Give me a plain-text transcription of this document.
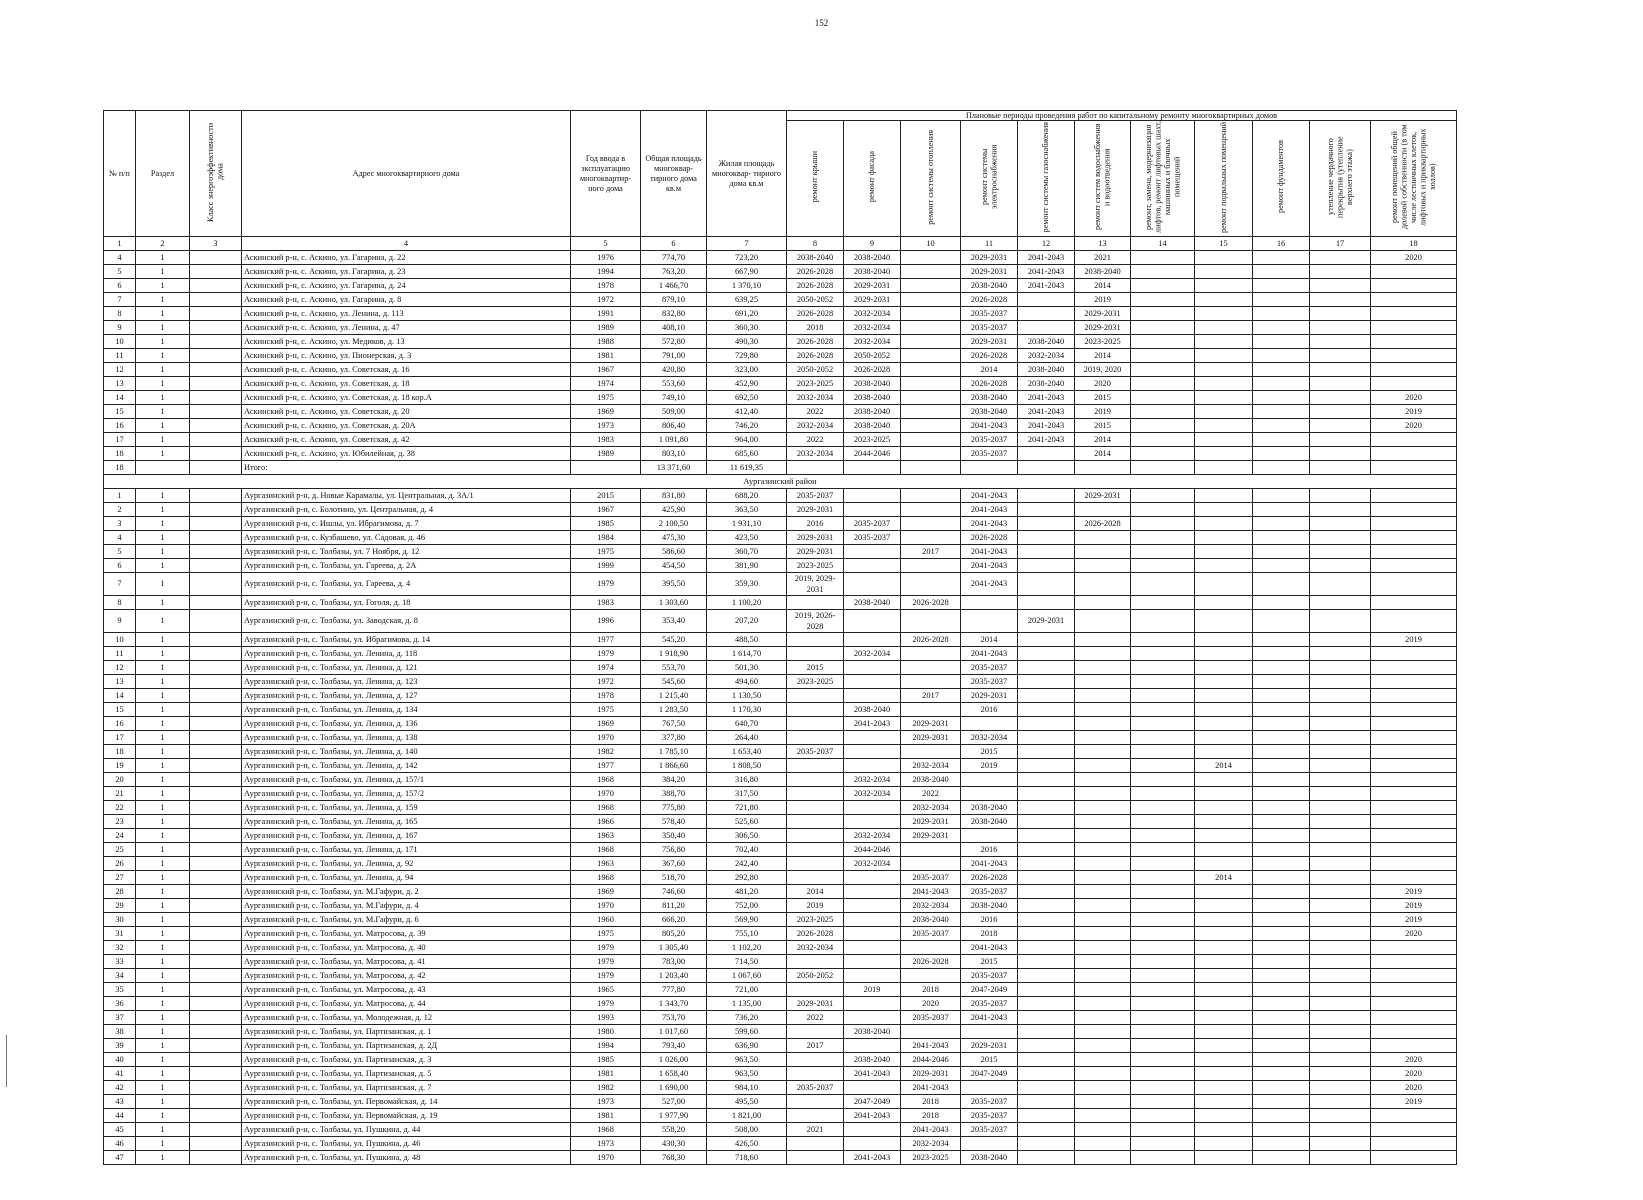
152
№ п/п	Раздел	Класс энергоэффективности дома	Адрес многоквартирного дома	Год ввода в эксплуатацию многоквартир- ного дома	Общая площадь многоквар- тирного дома кв.м	Жилая площадь многоквар- тирного дома кв.м	Плановые периоды проведения работ по капитальному ремонту многоквартирных домов										
							ремонт крыши	ремонт фасада	ремонт системы отопления	ремонт системы электроснабжения	ремонт системы газоснабжения	ремонт систем водоснабжения и водоотведения	ремонт, замена, модернизация лифтов, ремонт лифтовых шахт, машинных и блочных помещений	ремонт подвальных помещений	ремонт фундаментов	утепление чердачного перекрытия (утепление верхнего этажа)	ремонт помещений общей долевой собственности (в том числе лестничных клеток, лифтовых и приквартирных холлов)
1	2	3	4	5	6	7	8	9	10	11	12	13	14	15	16	17	18
4	1		Аскинский р-н, с. Аскино, ул. Гагарина, д. 22	1976	774,70	723,20	2038-2040	2038-2040		2029-2031	2041-2043	2021					2020
5	1		Аскинский р-н, с. Аскино, ул. Гагарина, д. 23	1994	763,20	667,90	2026-2028	2038-2040		2029-2031	2041-2043	2038-2040					
6	1		Аскинский р-н, с. Аскино, ул. Гагарина, д. 24	1978	1 466,70	1 370,10	2026-2028	2029-2031		2038-2040	2041-2043	2014					
7	1		Аскинский р-н, с. Аскино, ул. Гагарина, д. 8	1972	879,10	639,25	2050-2052	2029-2031		2026-2028		2019					
8	1		Аскинский р-н, с. Аскино, ул. Ленина, д. 113	1991	832,80	691,20	2026-2028	2032-2034		2035-2037		2029-2031					
9	1		Аскинский р-н, с. Аскино, ул. Ленина, д. 47	1989	408,10	360,30	2018	2032-2034		2035-2037		2029-2031					
10	1		Аскинский р-н, с. Аскино, ул. Медиков, д. 13	1988	572,80	490,30	2026-2028	2032-2034		2029-2031	2038-2040	2023-2025					
11	1		Аскинский р-н, с. Аскино, ул. Пионерская, д. 3	1981	791,00	729,80	2026-2028	2050-2052		2026-2028	2032-2034	2014					
12	1		Аскинский р-н, с. Аскино, ул. Советская, д. 16	1967	420,80	323,00	2050-2052	2026-2028		2014	2038-2040	2019, 2020					
13	1		Аскинский р-н, с. Аскино, ул. Советская, д. 18	1974	553,60	452,90	2023-2025	2038-2040		2026-2028	2038-2040	2020					
14	1		Аскинский р-н, с. Аскино, ул. Советская, д. 18 кор.А	1975	749,10	692,50	2032-2034	2038-2040		2038-2040	2041-2043	2015					2020
15	1		Аскинский р-н, с. Аскино, ул. Советская, д. 20	1969	509,00	412,40	2022	2038-2040		2038-2040	2041-2043	2019					2019
16	1		Аскинский р-н, с. Аскино, ул. Советская, д. 20А	1973	806,40	746,20	2032-2034	2038-2040		2041-2043	2041-2043	2015					2020
17	1		Аскинский р-н, с. Аскино, ул. Советская, д. 42	1983	1 091,80	964,00	2022	2023-2025		2035-2037	2041-2043	2014					
18	1		Аскинский р-н, с. Аскино, ул. Юбилейная, д. 38	1989	803,10	685,60	2032-2034	2044-2046		2035-2037		2014					
18			Итого:		13 371,60	11 619,35											
Аургазинский район																	
1	1		Аургазинский р-н, д. Новые Карамалы, ул. Центральная, д. 3А/1	2015	831,80	688,20	2035-2037			2041-2043		2029-2031					
2	1		Аургазинский р-н, с. Болотино, ул. Центральная, д. 4	1967	425,90	363,50	2029-2031			2041-2043							
3	1		Аургазинский р-н, с. Ишлы, ул. Ибрагимова, д. 7	1985	2 100,50	1 931,10	2016	2035-2037		2041-2043		2026-2028					
4	1		Аургазинский р-н, с. Кузбашево, ул. Садовая, д. 46	1984	475,30	423,50	2029-2031	2035-2037		2026-2028							
5	1		Аургазинский р-н, с. Толбазы, ул. 7 Ноября, д. 12	1975	586,60	360,70	2029-2031		2017	2041-2043							
6	1		Аургазинский р-н, с. Толбазы, ул. Гареева, д. 2А	1999	454,50	381,90	2023-2025			2041-2043							
7	1		Аургазинский р-н, с. Толбазы, ул. Гареева, д. 4	1979	395,50	359,30	2019, 2029-2031			2041-2043							
8	1		Аургазинский р-н, с. Толбазы, ул. Гоголя, д. 18	1983	1 303,60	1 100,20		2038-2040	2026-2028								
9	1		Аургазинский р-н, с. Толбазы, ул. Заводская, д. 8	1996	353,40	207,20	2019, 2026-2028				2029-2031						
10	1		Аургазинский р-н, с. Толбазы, ул. Ибрагимова, д. 14	1977	545,20	488,50			2026-2028	2014							2019
11	1		Аургазинский р-н, с. Толбазы, ул. Ленина, д. 118	1979	1 918,90	1 614,70		2032-2034		2041-2043							
12	1		Аургазинский р-н, с. Толбазы, ул. Ленина, д. 121	1974	553,70	501,30	2015			2035-2037							
13	1		Аургазинский р-н, с. Толбазы, ул. Ленина, д. 123	1972	545,60	494,60	2023-2025			2035-2037							
14	1		Аургазинский р-н, с. Толбазы, ул. Ленина, д. 127	1978	1 215,40	1 130,50			2017	2029-2031							
15	1		Аургазинский р-н, с. Толбазы, ул. Ленина, д. 134	1975	1 283,50	1 170,30		2038-2040		2016							
16	1		Аургазинский р-н, с. Толбазы, ул. Ленина, д. 136	1969	767,50	640,70		2041-2043	2029-2031								
17	1		Аургазинский р-н, с. Толбазы, ул. Ленина, д. 138	1970	377,80	264,40			2029-2031	2032-2034							
18	1		Аургазинский р-н, с. Толбазы, ул. Ленина, д. 140	1982	1 785,10	1 653,40	2035-2037			2015							
19	1		Аургазинский р-н, с. Толбазы, ул. Ленина, д. 142	1977	1 866,60	1 808,50			2032-2034	2019				2014			
20	1		Аургазинский р-н, с. Толбазы, ул. Ленина, д. 157/1	1968	384,20	316,80		2032-2034	2038-2040								
21	1		Аургазинский р-н, с. Толбазы, ул. Ленина, д. 157/2	1970	388,70	317,50		2032-2034	2022								
22	1		Аургазинский р-н, с. Толбазы, ул. Ленина, д. 159	1968	775,80	721,80			2032-2034	2038-2040							
23	1		Аургазинский р-н, с. Толбазы, ул. Ленина, д. 165	1966	578,40	525,60			2029-2031	2038-2040							
24	1		Аургазинский р-н, с. Толбазы, ул. Ленина, д. 167	1963	350,40	306,50		2032-2034	2029-2031								
25	1		Аургазинский р-н, с. Толбазы, ул. Ленина, д. 171	1968	756,80	702,40		2044-2046		2016							
26	1		Аургазинский р-н, с. Толбазы, ул. Ленина, д. 92	1963	367,60	242,40		2032-2034		2041-2043							
27	1		Аургазинский р-н, с. Толбазы, ул. Ленина, д. 94	1968	518,70	292,80			2035-2037	2026-2028				2014			
28	1		Аургазинский р-н, с. Толбазы, ул. М.Гафури, д. 2	1969	746,60	481,20	2014		2041-2043	2035-2037							2019
29	1		Аургазинский р-н, с. Толбазы, ул. М.Гафури, д. 4	1970	811,20	752,00	2019		2032-2034	2038-2040							2019
30	1		Аургазинский р-н, с. Толбазы, ул. М.Гафури, д. 6	1960	666,20	569,90	2023-2025		2038-2040	2016							2019
31	1		Аургазинский р-н, с. Толбазы, ул. Матросова, д. 39	1975	805,20	755,10	2026-2028		2035-2037	2018							2020
32	1		Аургазинский р-н, с. Толбазы, ул. Матросова, д. 40	1979	1 305,40	1 102,20	2032-2034			2041-2043							
33	1		Аургазинский р-н, с. Толбазы, ул. Матросова, д. 41	1979	783,00	714,50			2026-2028	2015							
34	1		Аургазинский р-н, с. Толбазы, ул. Матросова, д. 42	1979	1 203,40	1 067,60	2050-2052			2035-2037							
35	1		Аургазинский р-н, с. Толбазы, ул. Матросова, д. 43	1965	777,80	721,00		2019	2018	2047-2049							
36	1		Аургазинский р-н, с. Толбазы, ул. Матросова, д. 44	1979	1 343,70	1 135,00	2029-2031		2020	2035-2037							
37	1		Аургазинский р-н, с. Толбазы, ул. Молодежная, д. 12	1993	753,70	736,20	2022		2035-2037	2041-2043							
38	1		Аургазинский р-н, с. Толбазы, ул. Партизанская, д. 1	1980	1 017,60	599,60		2038-2040									
39	1		Аургазинский р-н, с. Толбазы, ул. Партизанская, д. 2Д	1994	793,40	636,90	2017		2041-2043	2029-2031							
40	1		Аургазинский р-н, с. Толбазы, ул. Партизанская, д. 3	1985	1 026,00	963,50		2038-2040	2044-2046	2015							2020
41	1		Аургазинский р-н, с. Толбазы, ул. Партизанская, д. 5	1981	1 658,40	963,50		2041-2043	2029-2031	2047-2049							2020
42	1		Аургазинский р-н, с. Толбазы, ул. Партизанская, д. 7	1982	1 690,00	984,10	2035-2037		2041-2043								2020
43	1		Аургазинский р-н, с. Толбазы, ул. Первомайская, д. 14	1973	527,00	495,50		2047-2049	2018	2035-2037							2019
44	1		Аургазинский р-н, с. Толбазы, ул. Первомайская, д. 19	1981	1 977,90	1 821,00		2041-2043	2018	2035-2037							
45	1		Аургазинский р-н, с. Толбазы, ул. Пушкина, д. 44	1968	558,20	508,00	2021		2041-2043	2035-2037							
46	1		Аургазинский р-н, с. Толбазы, ул. Пушкина, д. 46	1973	430,30	426,50			2032-2034								
47	1		Аургазинский р-н, с. Толбазы, ул. Пушкина, д. 48	1970	768,30	718,60		2041-2043	2023-2025	2038-2040							
